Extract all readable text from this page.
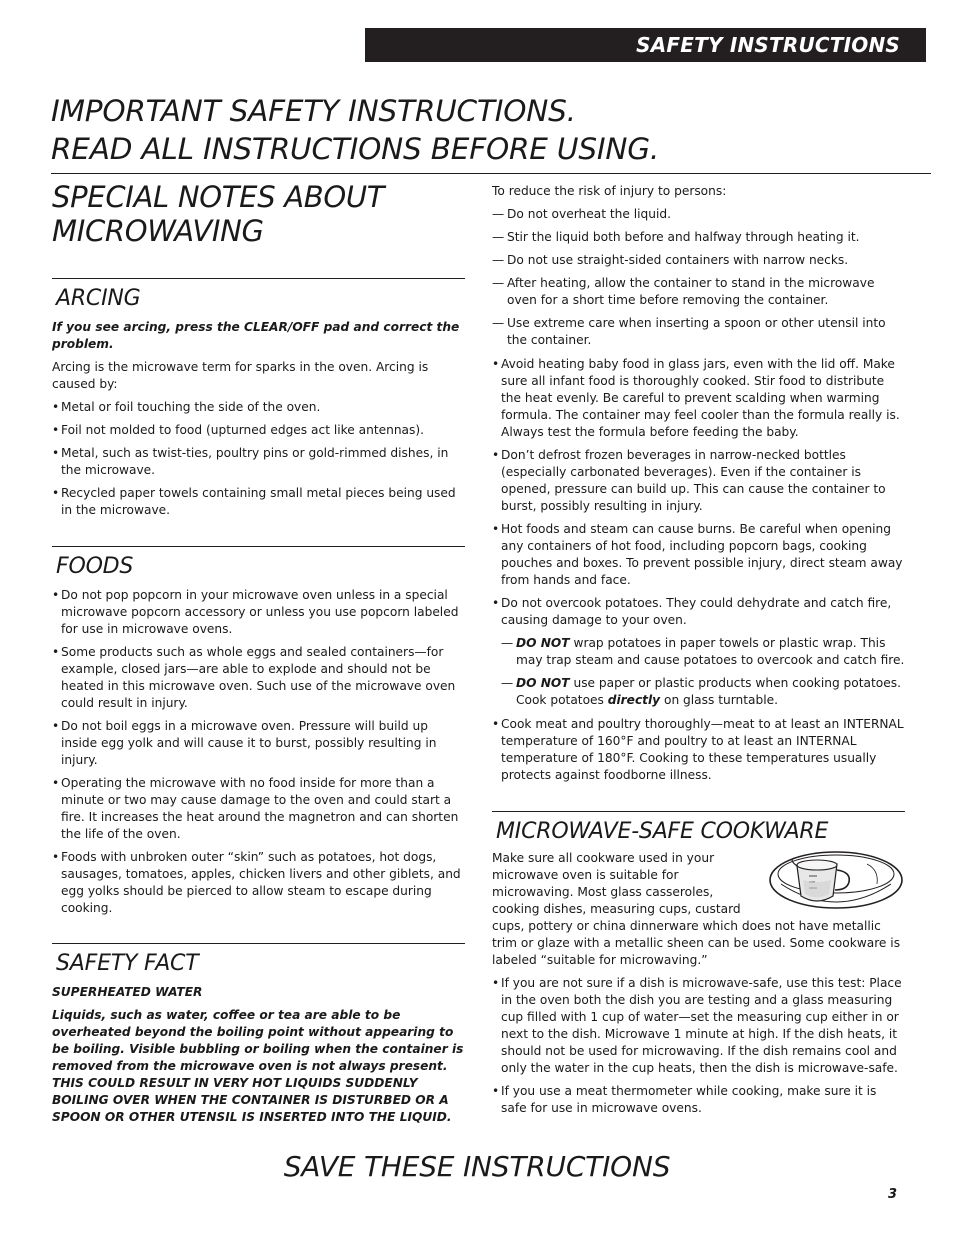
SAFETY INSTRUCTIONS
IMPORTANT SAFETY INSTRUCTIONS.
READ ALL INSTRUCTIONS BEFORE USING.
SPECIAL NOTES ABOUT
MICROWAVING
ARCING

If you see arcing, press the CLEAR/OFF pad and correct the problem.

Arcing is the microwave term for sparks in the oven. Arcing is caused by:

• Metal or foil touching the side of the oven.
• Foil not molded to food (upturned edges act like antennas).
• Metal, such as twist-ties, poultry pins or gold-rimmed dishes, in the microwave.
• Recycled paper towels containing small metal pieces being used in the microwave.
FOODS
• Do not pop popcorn in your microwave oven unless in a special microwave popcorn accessory or unless you use popcorn labeled for use in microwave ovens.
• Some products such as whole eggs and sealed containers—for example, closed jars—are able to explode and should not be heated in this microwave oven. Such use of the microwave oven could result in injury.
• Do not boil eggs in a microwave oven. Pressure will build up inside egg yolk and will cause it to burst, possibly resulting in injury.
• Operating the microwave with no food inside for more than a minute or two may cause damage to the oven and could start a fire. It increases the heat around the magnetron and can shorten the life of the oven.
• Foods with unbroken outer “skin” such as potatoes, hot dogs, sausages, tomatoes, apples, chicken livers and other giblets, and egg yolks should be pierced to allow steam to escape during cooking.
SAFETY FACT

SUPERHEATED WATER

Liquids, such as water, coffee or tea are able to be overheated beyond the boiling point without appearing to be boiling. Visible bubbling or boiling when the container is removed from the microwave oven is not always present. THIS COULD RESULT IN VERY HOT LIQUIDS SUDDENLY BOILING OVER WHEN THE CONTAINER IS DISTURBED OR A SPOON OR OTHER UTENSIL IS INSERTED INTO THE LIQUID.

To reduce the risk of injury to persons:

— Do not overheat the liquid.
— Stir the liquid both before and halfway through heating it.
— Do not use straight-sided containers with narrow necks.
— After heating, allow the container to stand in the microwave oven for a short time before removing the container.
— Use extreme care when inserting a spoon or other utensil into the container.
• Avoid heating baby food in glass jars, even with the lid off. Make sure all infant food is thoroughly cooked. Stir food to distribute the heat evenly. Be careful to prevent scalding when warming formula. The container may feel cooler than the formula really is. Always test the formula before feeding the baby.
• Don’t defrost frozen beverages in narrow-necked bottles (especially carbonated beverages). Even if the container is opened, pressure can build up. This can cause the container to burst, possibly resulting in injury.
• Hot foods and steam can cause burns. Be careful when opening any containers of hot food, including popcorn bags, cooking pouches and boxes. To prevent possible injury, direct steam away from hands and face.
• Do not overcook potatoes. They could dehydrate and catch fire, causing damage to your oven.
— DO NOT wrap potatoes in paper towels or plastic wrap. This may trap steam and cause potatoes to overcook and catch fire.
— DO NOT use paper or plastic products when cooking potatoes. Cook potatoes directly on glass turntable.
• Cook meat and poultry thoroughly—meat to at least an INTERNAL temperature of 160°F and poultry to at least an INTERNAL temperature of 180°F. Cooking to these temperatures usually protects against foodborne illness.
MICROWAVE-SAFE COOKWARE

Make sure all cookware used in your microwave oven is suitable for microwaving. Most glass casseroles, cooking dishes, measuring cups, custard cups, pottery or china dinnerware which does not have metallic trim or glaze with a metallic sheen can be used. Some cookware is labeled “suitable for microwaving.”

• If you are not sure if a dish is microwave-safe, use this test: Place in the oven both the dish you are testing and a glass measuring cup filled with 1 cup of water—set the measuring cup either in or next to the dish. Microwave 1 minute at high. If the dish heats, it should not be used for microwaving. If the dish remains cool and only the water in the cup heats, then the dish is microwave-safe.
• If you use a meat thermometer while cooking, make sure it is safe for use in microwave ovens.
SAVE THESE INSTRUCTIONS
3
